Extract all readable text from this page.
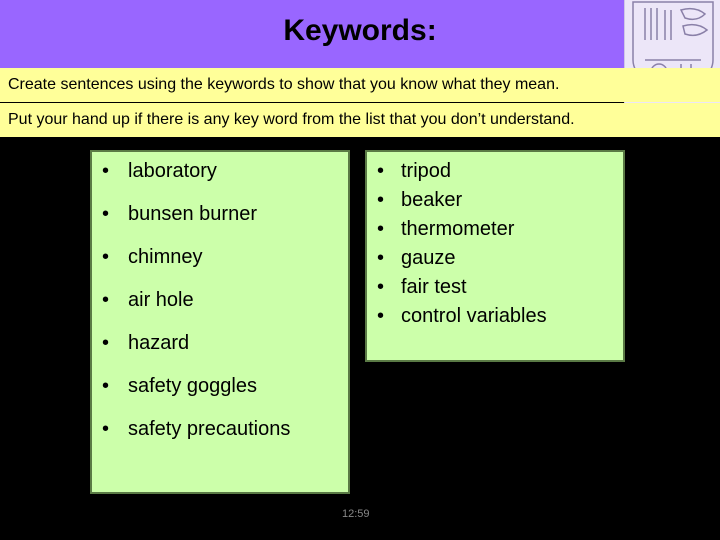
Keywords:
Create sentences using the keywords to show that you know what they mean.
Put your hand up if there is any key word from the list that you don’t understand.
• laboratory
• bunsen burner
• chimney
• air hole
• hazard
• safety goggles
• safety precautions
• tripod
• beaker
• thermometer
• gauze
• fair test
• control variables
12:59
